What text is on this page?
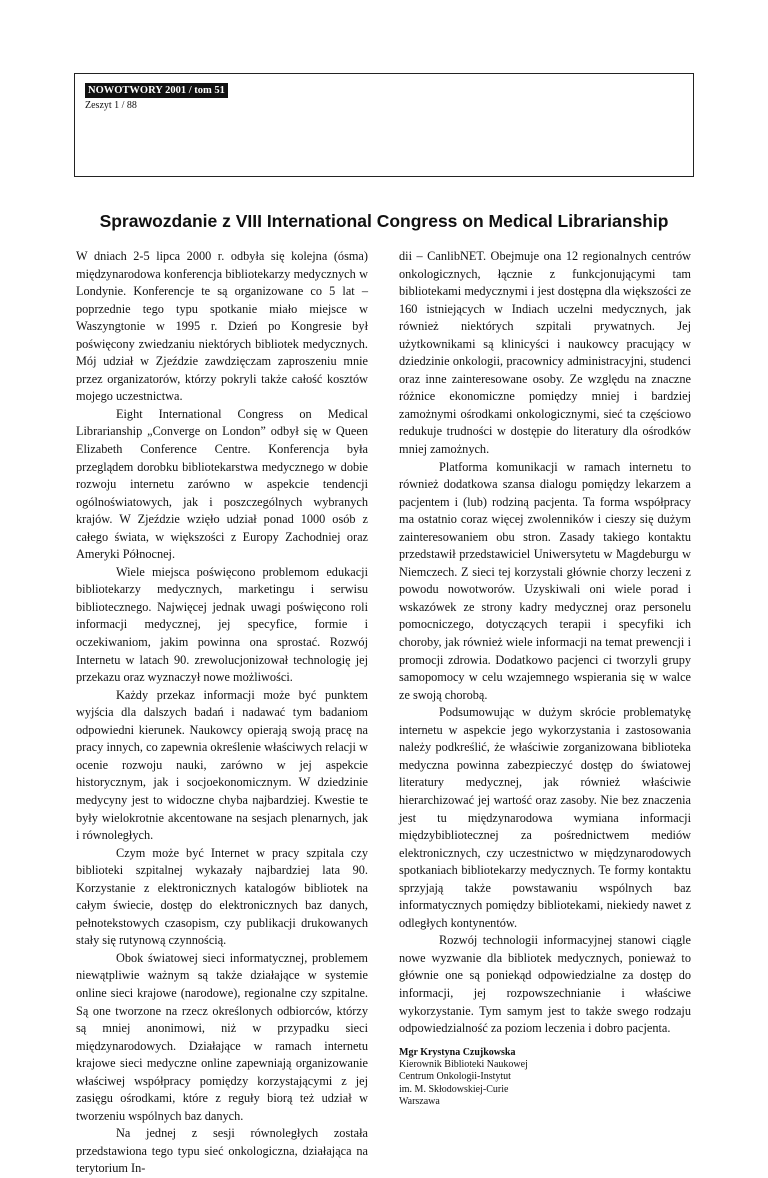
NOWOTWORY 2001 / tom 51
Zeszyt 1 / 88
Sprawozdanie z VIII International Congress on Medical Librarianship

W dniach 2-5 lipca 2000 r. odbyła się kolejna (ósma) międzynarodowa konferencja bibliotekarzy medycznych w Londynie. Konferencje te są organizowane co 5 lat – poprzednie tego typu spotkanie miało miejsce w Waszyngtonie w 1995 r. Dzień po Kongresie był poświęcony zwiedzaniu niektórych bibliotek medycznych. Mój udział w Zjeździe zawdzięczam zaproszeniu mnie przez organizatorów, którzy pokryli także całość kosztów mojego uczestnictwa.

Eight International Congress on Medical Librarianship „Converge on London” odbył się w Queen Elizabeth Conference Centre. Konferencja była przeglądem dorobku bibliotekarstwa medycznego w dobie rozwoju internetu zarówno w aspekcie tendencji ogólnoświatowych, jak i poszczególnych wybranych krajów. W Zjeździe wzięło udział ponad 1000 osób z całego świata, w większości z Europy Zachodniej oraz Ameryki Północnej.

Wiele miejsca poświęcono problemom edukacji bibliotekarzy medycznych, marketingu i serwisu bibliotecznego. Najwięcej jednak uwagi poświęcono roli informacji medycznej, jej specyfice, formie i oczekiwaniom, jakim powinna ona sprostać. Rozwój Internetu w latach 90. zrewolucjonizował technologię jej przekazu oraz wyznaczył nowe możliwości.

Każdy przekaz informacji może być punktem wyjścia dla dalszych badań i nadawać tym badaniom odpowiedni kierunek. Naukowcy opierają swoją pracę na pracy innych, co zapewnia określenie właściwych relacji w ocenie rozwoju nauki, zarówno w jej aspekcie historycznym, jak i socjoekonomicznym. W dziedzinie medycyny jest to widoczne chyba najbardziej. Kwestie te były wielokrotnie akcentowane na sesjach plenarnych, jak i równoległych.

Czym może być Internet w pracy szpitala czy biblioteki szpitalnej wykazały najbardziej lata 90. Korzystanie z elektronicznych katalogów bibliotek na całym świecie, dostęp do elektronicznych baz danych, pełnotekstowych czasopism, czy publikacji drukowanych stały się rutynową czynnością.

Obok światowej sieci informatycznej, problemem niewątpliwie ważnym są także działające w systemie online sieci krajowe (narodowe), regionalne czy szpitalne. Są one tworzone na rzecz określonych odbiorców, którzy są mniej anonimowi, niż w przypadku sieci międzynarodowych. Działające w ramach internetu krajowe sieci medyczne online zapewniają organizowanie właściwej współpracy pomiędzy korzystającymi z jej zasięgu ośrodkami, które z reguły biorą też udział w tworzeniu wspólnych baz danych.

Na jednej z sesji równoległych została przedstawiona tego typu sieć onkologiczna, działająca na terytorium In-

dii – CanlibNET. Obejmuje ona 12 regionalnych centrów onkologicznych, łącznie z funkcjonującymi tam bibliotekami medycznymi i jest dostępna dla większości ze 160 istniejących w Indiach uczelni medycznych, jak również niektórych szpitali prywatnych. Jej użytkownikami są klinicyści i naukowcy pracujący w dziedzinie onkologii, pracownicy administracyjni, studenci oraz inne zainteresowane osoby. Ze względu na znaczne różnice ekonomiczne pomiędzy mniej i bardziej zamożnymi ośrodkami onkologicznymi, sieć ta częściowo redukuje trudności w dostępie do literatury dla ośrodków mniej zamożnych.

Platforma komunikacji w ramach internetu to również dodatkowa szansa dialogu pomiędzy lekarzem a pacjentem i (lub) rodziną pacjenta. Ta forma współpracy ma ostatnio coraz więcej zwolenników i cieszy się dużym zainteresowaniem obu stron. Zasady takiego kontaktu przedstawił przedstawiciel Uniwersytetu w Magdeburgu w Niemczech. Z sieci tej korzystali głównie chorzy leczeni z powodu nowotworów. Uzyskiwali oni wiele porad i wskazówek ze strony kadry medycznej oraz personelu pomocniczego, dotyczących terapii i specyfiki ich choroby, jak również wiele informacji na temat prewencji i promocji zdrowia. Dodatkowo pacjenci ci tworzyli grupy samopomocy w celu wzajemnego wspierania się w walce ze swoją chorobą.

Podsumowując w dużym skrócie problematykę internetu w aspekcie jego wykorzystania i zastosowania należy podkreślić, że właściwie zorganizowana biblioteka medyczna powinna zabezpieczyć dostęp do światowej literatury medycznej, jak również właściwie hierarchizować jej wartość oraz zasoby. Nie bez znaczenia jest tu międzynarodowa wymiana informacji międzybibliotecznej za pośrednictwem mediów elektronicznych, czy uczestnictwo w międzynarodowych spotkaniach bibliotekarzy medycznych. Te formy kontaktu sprzyjają także powstawaniu wspólnych baz informatycznych pomiędzy bibliotekami, niekiedy nawet z odległych kontynentów.

Rozwój technologii informacyjnej stanowi ciągle nowe wyzwanie dla bibliotek medycznych, ponieważ to głównie one są poniekąd odpowiedzialne za dostęp do informacji, jej rozpowszechnianie i właściwe wykorzystanie. Tym samym jest to także swego rodzaju odpowiedzialność za poziom leczenia i dobro pacjenta.

Mgr Krystyna Czujkowska
Kierownik Biblioteki Naukowej
Centrum Onkologii-Instytut
im. M. Skłodowskiej-Curie
Warszawa
